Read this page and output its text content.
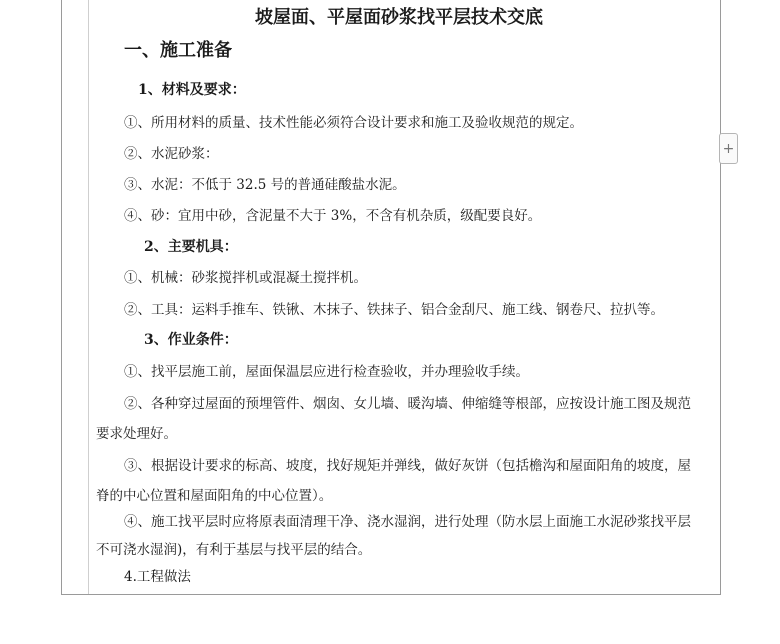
坡屋面、平屋面砂浆找平层技术交底
一、施工准备
1、材料及要求：
①、所用材料的质量、技术性能必须符合设计要求和施工及验收规范的规定。
②、水泥砂浆：
③、水泥：不低于 32.5 号的普通硅酸盐水泥。
④、砂：宜用中砂，含泥量不大于 3%，不含有机杂质，级配要良好。
2、主要机具：
①、机械：砂浆搅拌机或混凝土搅拌机。
②、工具：运料手推车、铁锹、木抹子、铁抹子、铝合金刮尺、施工线、钢卷尺、拉扒等。
3、作业条件：
①、找平层施工前，屋面保温层应进行检查验收，并办理验收手续。
②、各种穿过屋面的预埋管件、烟囱、女儿墙、暖沟墙、伸缩缝等根部，应按设计施工图及规范
要求处理好。
③、根据设计要求的标高、坡度，找好规矩并弹线，做好灰饼（包括檐沟和屋面阳角的坡度，屋
脊的中心位置和屋面阳角的中心位置）。
④、施工找平层时应将原表面清理干净、浇水湿润，进行处理（防水层上面施工水泥砂浆找平层
不可浇水湿润)，有利于基层与找平层的结合。
4.工程做法
+
